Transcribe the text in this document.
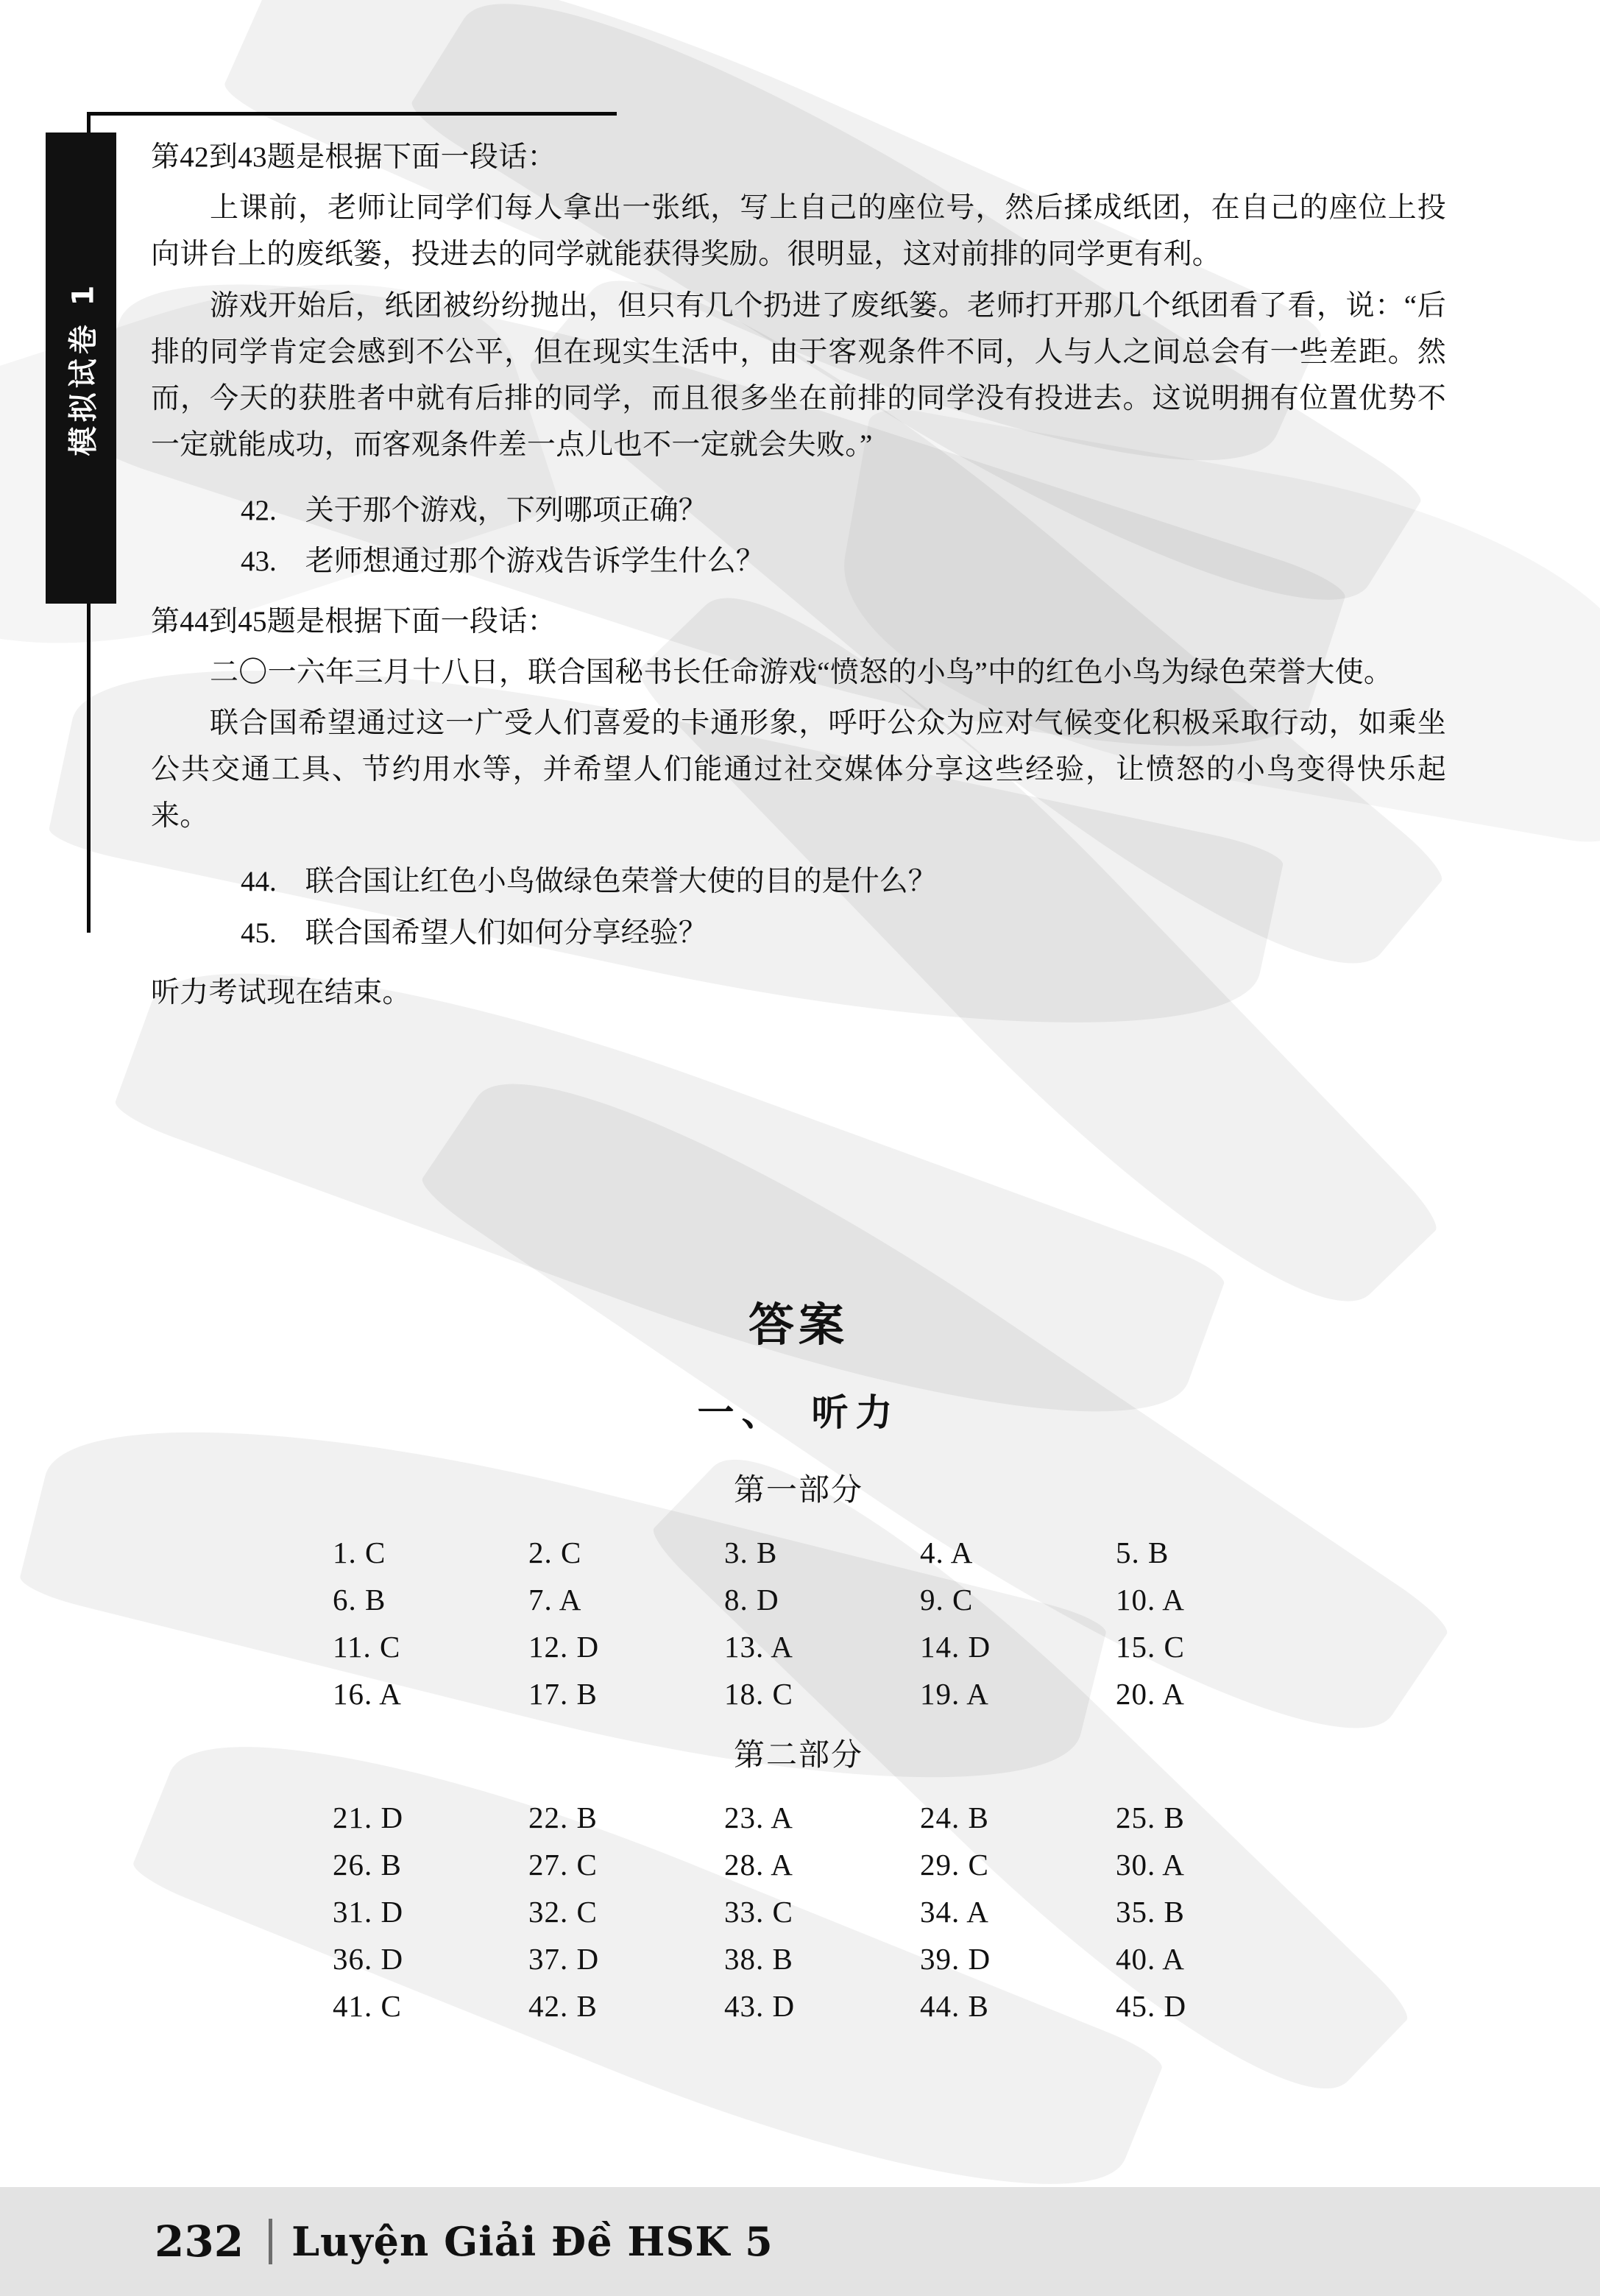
模拟试卷 1

第42到43题是根据下面一段话：

上课前，老师让同学们每人拿出一张纸，写上自己的座位号，然后揉成纸团，在自己的座位上投向讲台上的废纸篓，投进去的同学就能获得奖励。很明显，这对前排的同学更有利。

游戏开始后，纸团被纷纷抛出，但只有几个扔进了废纸篓。老师打开那几个纸团看了看，说：“后排的同学肯定会感到不公平，但在现实生活中，由于客观条件不同，人与人之间总会有一些差距。然而，今天的获胜者中就有后排的同学，而且很多坐在前排的同学没有投进去。这说明拥有位置优势不一定就能成功，而客观条件差一点儿也不一定就会失败。”

42.　关于那个游戏，下列哪项正确？

43.　老师想通过那个游戏告诉学生什么？

第44到45题是根据下面一段话：

二〇一六年三月十八日，联合国秘书长任命游戏“愤怒的小鸟”中的红色小鸟为绿色荣誉大使。

联合国希望通过这一广受人们喜爱的卡通形象，呼吁公众为应对气候变化积极采取行动，如乘坐公共交通工具、节约用水等，并希望人们能通过社交媒体分享这些经验，让愤怒的小鸟变得快乐起来。

44.　联合国让红色小鸟做绿色荣誉大使的目的是什么？

45.　联合国希望人们如何分享经验？

听力考试现在结束。

答案
一、　听力
第一部分
1. C	2. C	3. B	4. A	5. B
6. B	7. A	8. D	9. C	10. A
11. C	12. D	13. A	14. D	15. C
16. A	17. B	18. C	19. A	20. A
第二部分
21. D	22. B	23. A	24. B	25. B
26. B	27. C	28. A	29. C	30. A
31. D	32. C	33. C	34. A	35. B
36. D	37. D	38. B	39. D	40. A
41. C	42. B	43. D	44. B	45. D
232 Luyện Giải Đề HSK 5
